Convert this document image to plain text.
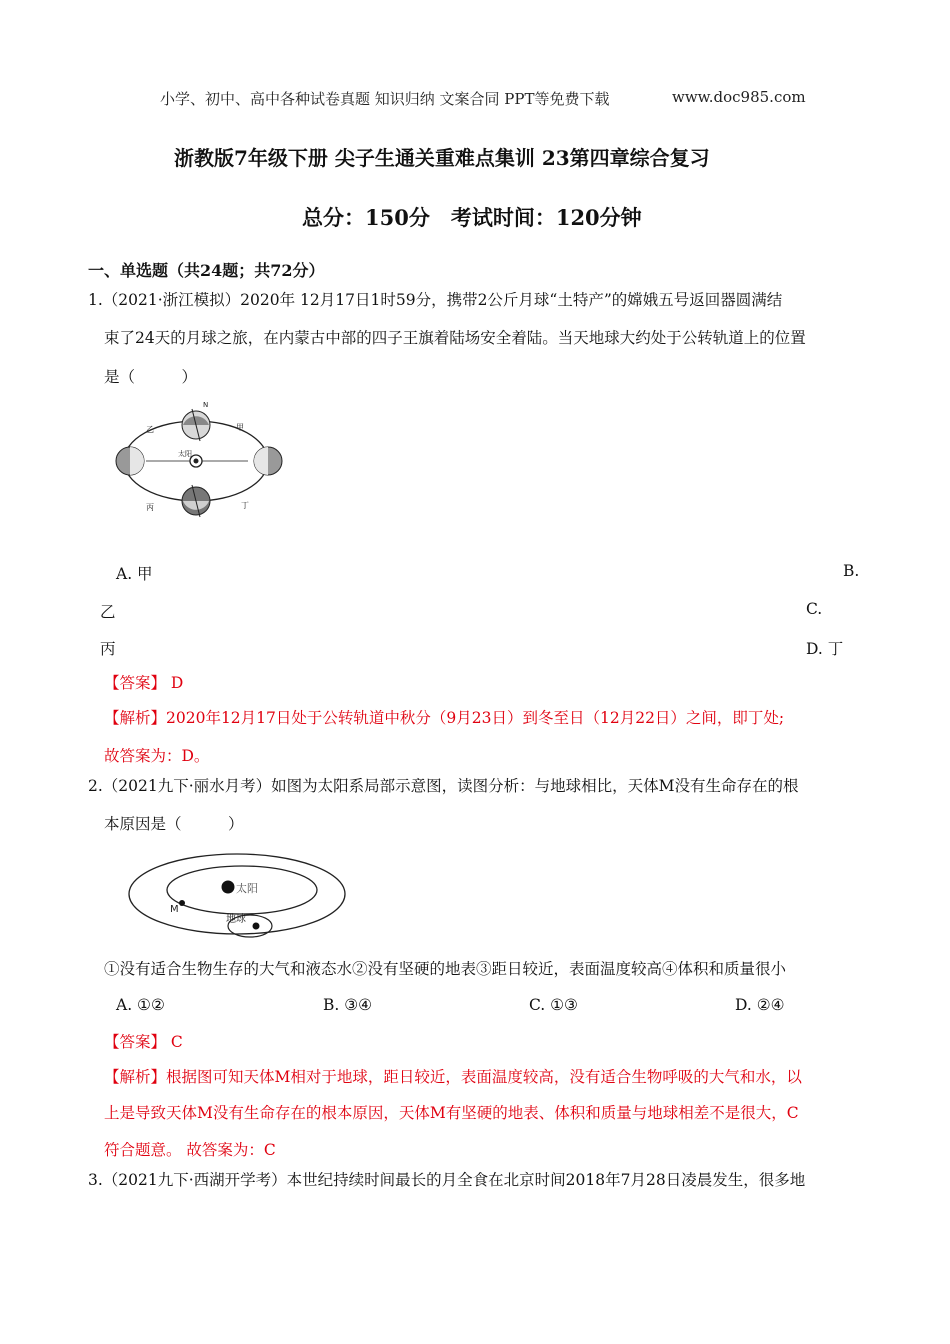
小学、初中、高中各种试卷真题 知识归纳 文案合同 PPT等免费下载	www.doc985.com
浙教版7年级下册 尖子生通关重难点集训 23第四章综合复习
总分：150分　考试时间：120分钟
一、单选题（共24题；共72分）
1.（2021·浙江模拟）2020年 12月17日1时59分，携带2公斤月球“土特产”的嫦娥五号返回器圆满结
束了24天的月球之旅，在内蒙古中部的四子王旗着陆场安全着陆。当天地球大约处于公转轨道上的位置
是（　　　）
太阳
N
甲
乙
丙	丁
A. 甲	B.
乙	C.
丙	D. 丁
【答案】 D
【解析】2020年12月17日处于公转轨道中秋分（9月23日）到冬至日（12月22日）之间，即丁处;
故答案为：D。
2.（2021九下·丽水月考）如图为太阳系局部示意图，读图分析：与地球相比，天体M没有生命存在的根
本原因是（　　　）
太阳
M
地球
①没有适合生物生存的大气和液态水②没有坚硬的地表③距日较近，表面温度较高④体积和质量很小
A. ①②	B. ③④	C. ①③	D. ②④
【答案】 C
【解析】根据图可知天体M相对于地球，距日较近，表面温度较高，没有适合生物呼吸的大气和水，以
上是导致天体M没有生命存在的根本原因，天体M有坚硬的地表、体积和质量与地球相差不是很大，C
符合题意。 故答案为：C
3.（2021九下·西湖开学考）本世纪持续时间最长的月全食在北京时间2018年7月28日凌晨发生，很多地
